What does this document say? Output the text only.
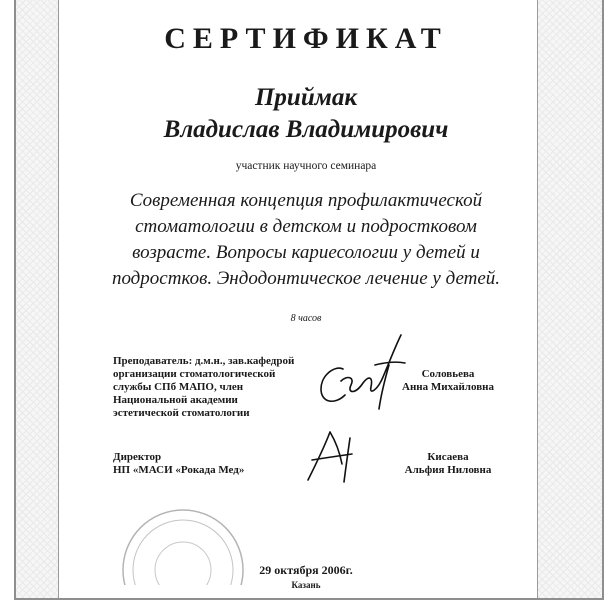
СЕРТИФИКАТ
Приймак
Владислав Владимирович
участник научного семинара
Современная концепция профилактической
стоматологии в детском и подростковом
возрасте. Вопросы кариесологии у детей и
подростков. Эндодонтическое лечение у детей.
8 часов
Преподаватель: д.м.н., зав.кафедрой
организации стоматологической
службы СПб МАПО, член
Национальной академии
эстетической стоматологии
Соловьева
Анна Михайловна
Директор
НП «МАСИ «Рокада Мед»
Кисаева
Альфия Ниловна
29 октября 2006г.
Казань
